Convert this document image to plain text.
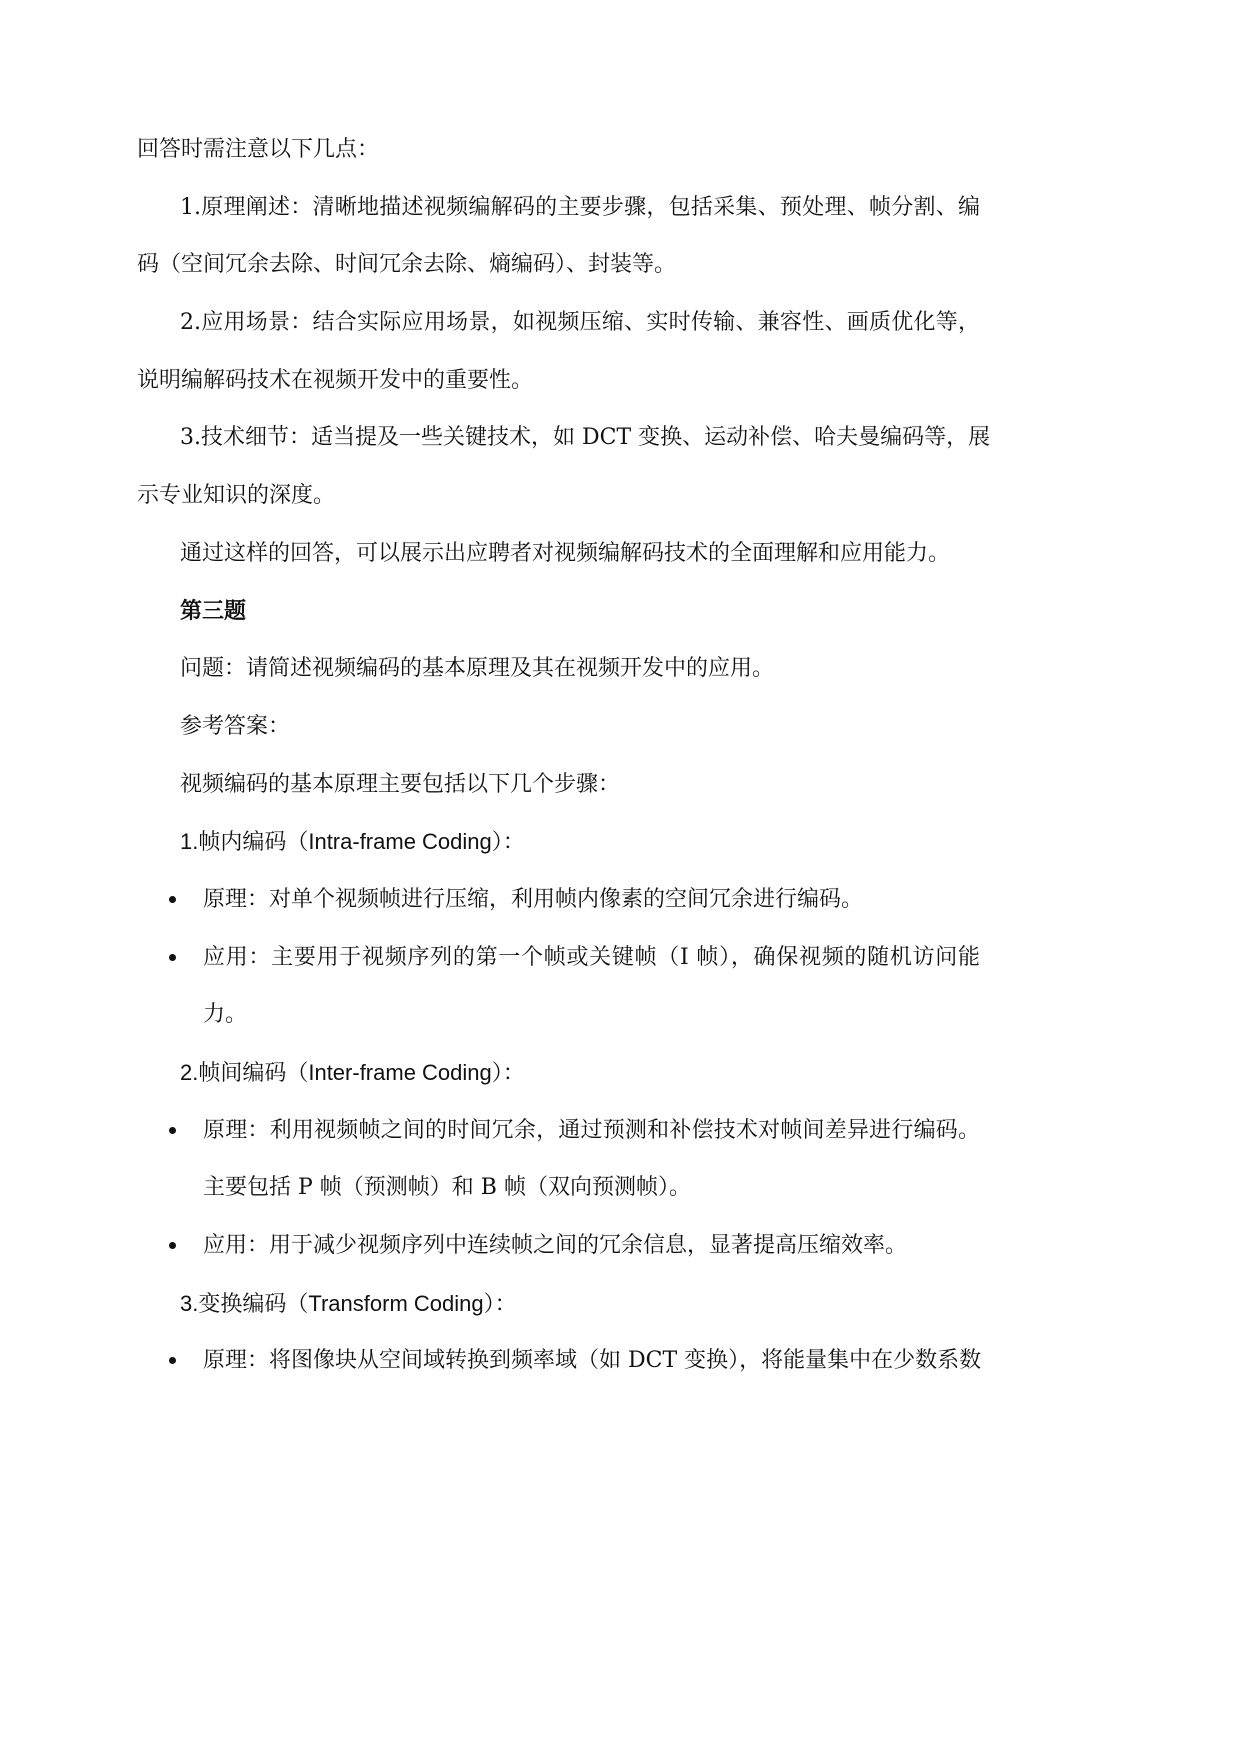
回答时需注意以下几点：
1.原理阐述：清晰地描述视频编解码的主要步骤，包括采集、预处理、帧分割、编
码（空间冗余去除、时间冗余去除、熵编码）、封装等。
2.应用场景：结合实际应用场景，如视频压缩、实时传输、兼容性、画质优化等，
说明编解码技术在视频开发中的重要性。
3.技术细节：适当提及一些关键技术，如 DCT 变换、运动补偿、哈夫曼编码等，展
示专业知识的深度。
通过这样的回答，可以展示出应聘者对视频编解码技术的全面理解和应用能力。
第三题
问题：请简述视频编码的基本原理及其在视频开发中的应用。
参考答案：
视频编码的基本原理主要包括以下几个步骤：
1.帧内编码（Intra-frame Coding）：
原理：对单个视频帧进行压缩，利用帧内像素的空间冗余进行编码。
应用：主要用于视频序列的第一个帧或关键帧（I 帧），确保视频的随机访问能
力。
2.帧间编码（Inter-frame Coding）：
原理：利用视频帧之间的时间冗余，通过预测和补偿技术对帧间差异进行编码。
主要包括 P 帧（预测帧）和 B 帧（双向预测帧）。
应用：用于减少视频序列中连续帧之间的冗余信息，显著提高压缩效率。
3.变换编码（Transform Coding）：
原理：将图像块从空间域转换到频率域（如 DCT 变换），将能量集中在少数系数
